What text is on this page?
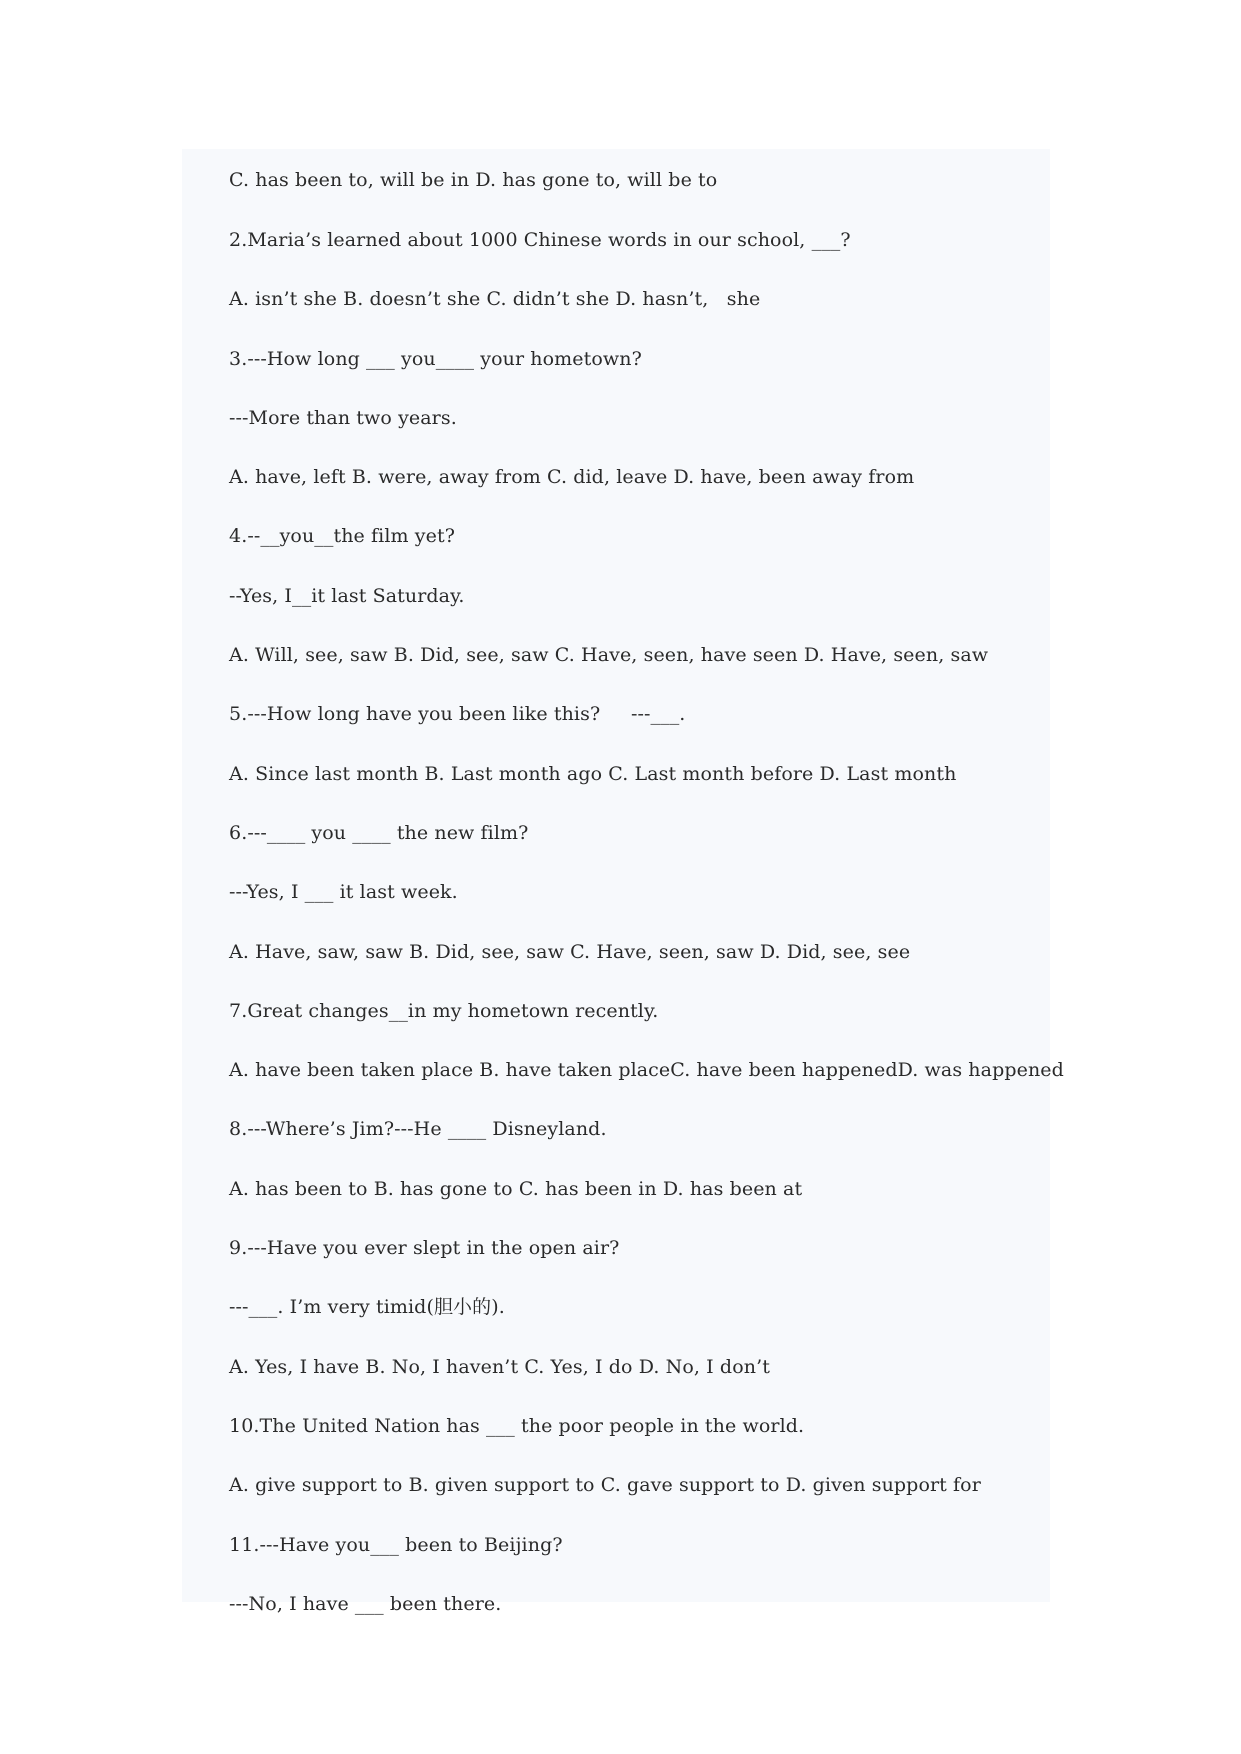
C. has been to, will be in D. has gone to, will be to
2.Maria’s learned about 1000 Chinese words in our school, ___?
A. isn’t she B. doesn’t she C. didn’t she D. hasn’t,   she
3.---How long ___ you____ your hometown?
---More than two years.
A. have, left B. were, away from C. did, leave D. have, been away from
4.--__you__the film yet?
--Yes, I__it last Saturday.
A. Will, see, saw B. Did, see, saw C. Have, seen, have seen D. Have, seen, saw
5.---How long have you been like this?     ---___.
A. Since last month B. Last month ago C. Last month before D. Last month
6.---____ you ____ the new film?
---Yes, I ___ it last week.
A. Have, saw, saw B. Did, see, saw C. Have, seen, saw D. Did, see, see
7.Great changes__in my hometown recently.
A. have been taken place B. have taken placeC. have been happenedD. was happened
8.---Where’s Jim?---He ____ Disneyland.
A. has been to B. has gone to C. has been in D. has been at
9.---Have you ever slept in the open air?
---___. I’m very timid(胆小的).
A. Yes, I have B. No, I haven’t C. Yes, I do D. No, I don’t
10.The United Nation has ___ the poor people in the world.
A. give support to B. given support to C. gave support to D. given support for
11.---Have you___ been to Beijing?
---No, I have ___ been there.
